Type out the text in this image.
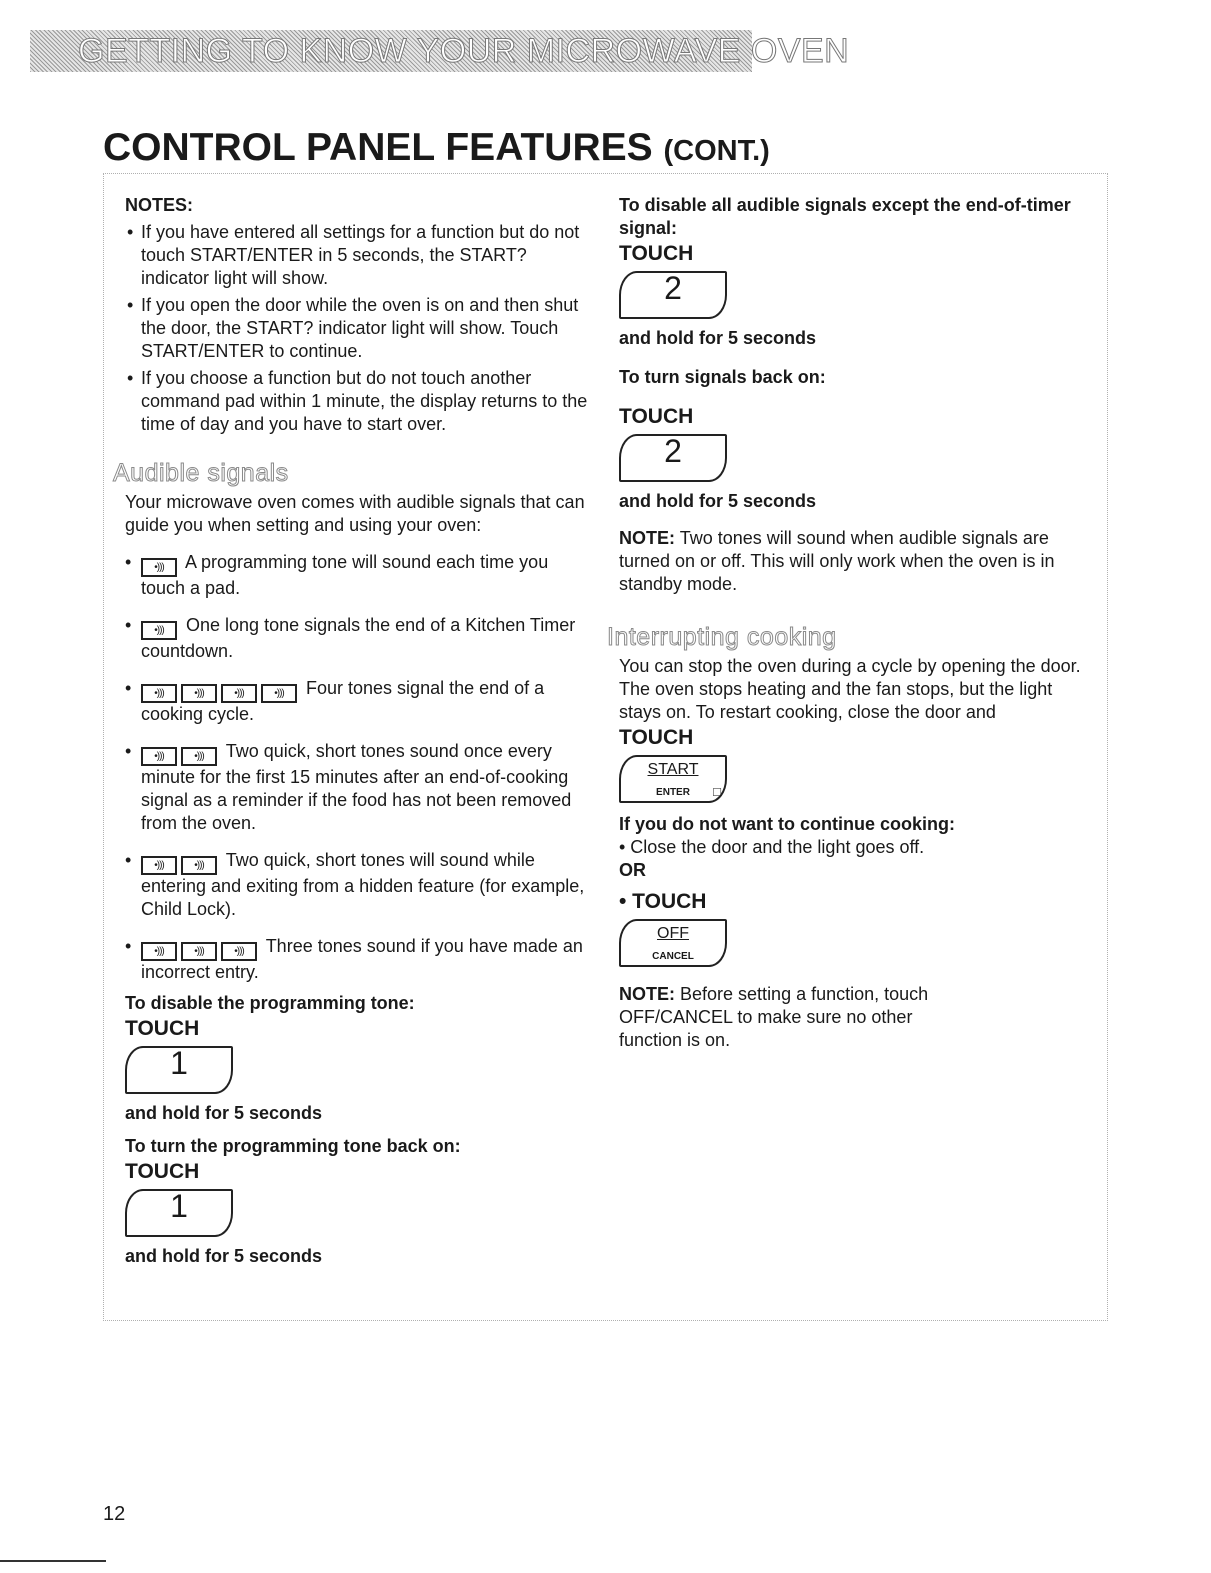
GETTING TO KNOW YOUR MICROWAVE OVEN
CONTROL PANEL FEATURES (CONT.)

NOTES:

• If you have entered all settings for a function but do not touch START/ENTER in 5 seconds, the START? indicator light will show.

• If you open the door while the oven is on and then shut the door, the START? indicator light will show. Touch START/ENTER to continue.

• If you choose a function but do not touch another command pad within 1 minute, the display returns to the time of day and you have to start over.

Audible signals

Your microwave oven comes with audible signals that can guide you when setting and using your oven:

• •))) A programming tone will sound each time you touch a pad.

• •))) One long tone signals the end of a Kitchen Timer countdown.

• •)))	•)))	•)))	•))) Four tones signal the end of a cooking cycle.

• •)))	•))) Two quick, short tones sound once every minute for the first 15 minutes after an end-of-cooking signal as a reminder if the food has not been removed from the oven.

• •)))	•))) Two quick, short tones will sound while entering and exiting from a hidden feature (for example, Child Lock).

• •)))	•)))	•))) Three tones sound if you have made an incorrect entry.

To disable the programming tone:

TOUCH

1

and hold for 5 seconds

To turn the programming tone back on:

TOUCH

1

and hold for 5 seconds

To disable all audible signals except the end-of-timer signal:

TOUCH

2

and hold for 5 seconds

To turn signals back on:

TOUCH

2

and hold for 5 seconds

NOTE: Two tones will sound when audible signals are turned on or off. This will only work when the oven is in standby mode.

Interrupting cooking

You can stop the oven during a cycle by opening the door. The oven stops heating and the fan stops, but the light stays on. To restart cooking, close the door and

TOUCH

START
ENTER	□

If you do not want to continue cooking:

• Close the door and the light goes off.

OR

• TOUCH

OFF
CANCEL

NOTE: Before setting a function, touch OFF/CANCEL to make sure no other function is on.

12
